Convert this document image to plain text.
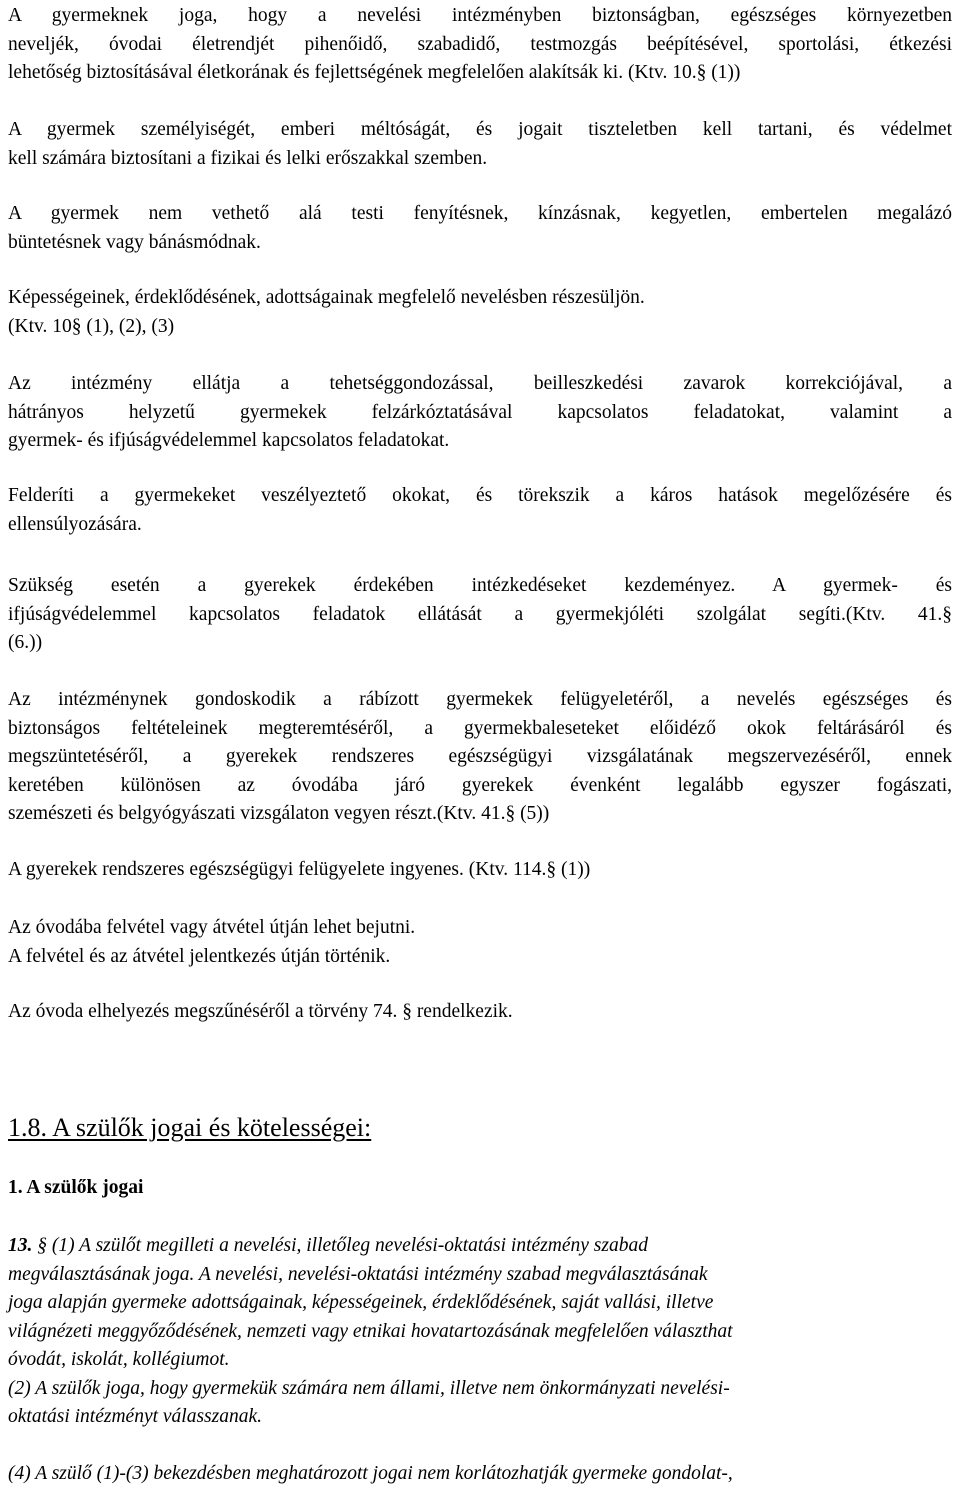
A gyermeknek joga, hogy a nevelési intézményben biztonságban, egészséges környezetben
neveljék, óvodai életrendjét pihenőidő, szabadidő, testmozgás beépítésével, sportolási, étkezési
lehetőség biztosításával életkorának és fejlettségének megfelelően alakítsák ki. (Ktv. 10.§ (1))
A gyermek személyiségét, emberi méltóságát, és jogait tiszteletben kell tartani, és védelmet
kell számára biztosítani a fizikai és lelki erőszakkal szemben.
A gyermek nem vethető alá testi fenyítésnek, kínzásnak, kegyetlen, embertelen megalázó
büntetésnek vagy bánásmódnak.
Képességeinek, érdeklődésének, adottságainak megfelelő nevelésben részesüljön.
(Ktv. 10§ (1), (2), (3)
Az intézmény ellátja a tehetséggondozással, beilleszkedési zavarok korrekciójával, a
hátrányos helyzetű gyermekek felzárkóztatásával kapcsolatos feladatokat, valamint a
gyermek- és ifjúságvédelemmel kapcsolatos feladatokat.
Felderíti a gyermekeket veszélyeztető okokat, és törekszik a káros hatások megelőzésére és
ellensúlyozására.
Szükség esetén a gyerekek érdekében intézkedéseket kezdeményez. A gyermek- és
ifjúságvédelemmel kapcsolatos feladatok ellátását a gyermekjóléti szolgálat segíti.(Ktv. 41.§
(6.))
Az intézménynek gondoskodik a rábízott gyermekek felügyeletéről, a nevelés egészséges és
biztonságos feltételeinek megteremtéséről, a gyermekbaleseteket előidéző okok feltárásáról és
megszüntetéséről, a gyerekek rendszeres egészségügyi vizsgálatának megszervezéséről, ennek
keretében különösen az óvodába járó gyerekek évenként legalább egyszer fogászati,
szemészeti és belgyógyászati vizsgálaton vegyen részt.(Ktv. 41.§ (5))
A gyerekek rendszeres egészségügyi felügyelete ingyenes. (Ktv. 114.§ (1))
Az óvodába felvétel vagy átvétel útján lehet bejutni.
A felvétel és az átvétel jelentkezés útján történik.
Az óvoda elhelyezés megszűnéséről a törvény 74. § rendelkezik.
1.8. A szülők jogai és kötelességei:
1. A szülők jogai
13. § (1) A szülőt megilleti a nevelési, illetőleg nevelési-oktatási intézmény szabad
megválasztásának joga. A nevelési, nevelési-oktatási intézmény szabad megválasztásának
joga alapján gyermeke adottságainak, képességeinek, érdeklődésének, saját vallási, illetve
világnézeti meggyőződésének, nemzeti vagy etnikai hovatartozásának megfelelően választhat
óvodát, iskolát, kollégiumot.
(2) A szülők joga, hogy gyermekük számára nem állami, illetve nem önkormányzati nevelési-
oktatási intézményt válasszanak.
(4) A szülő (1)-(3) bekezdésben meghatározott jogai nem korlátozhatják gyermeke gondolat-,
